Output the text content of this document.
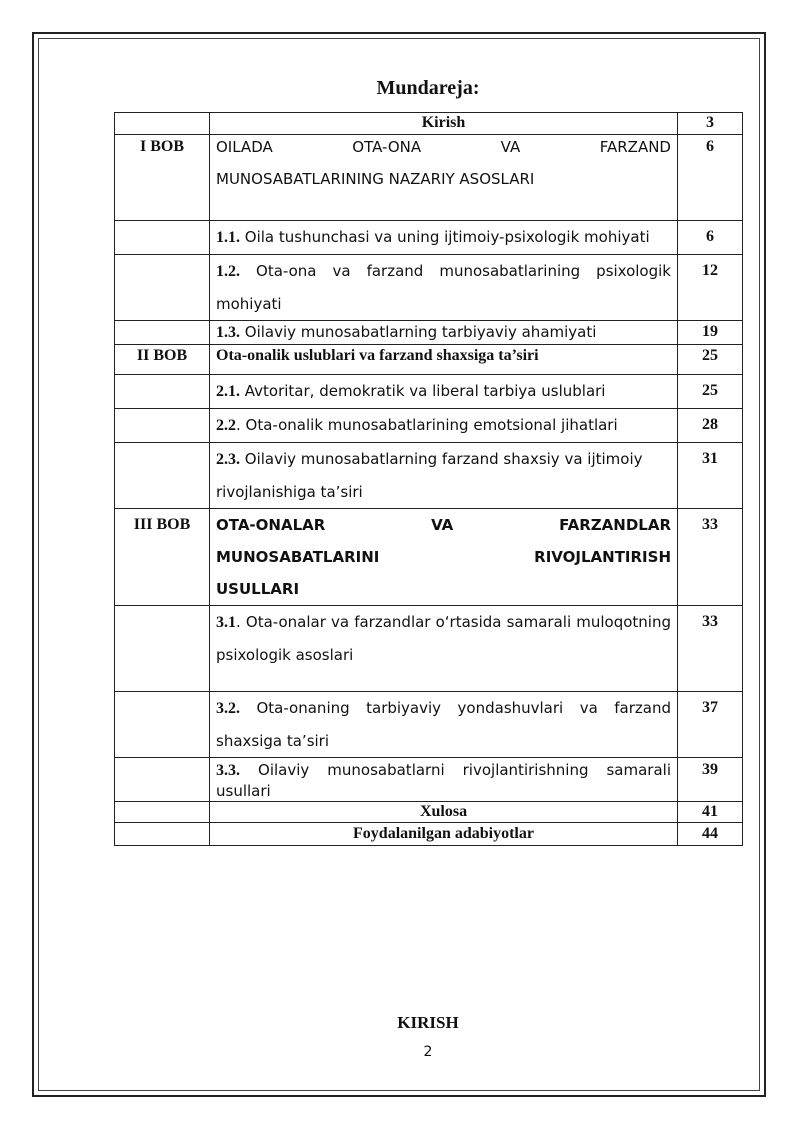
Mundareja:
	Kirish	3
I BOB	OILADA OTA-ONA VA FARZAND
MUNOSABATLARINING NAZARIY ASOSLARI	6
	1.1. Oila tushunchasi va uning ijtimoiy-psixologik mohiyati	6

	1.2. Ota-ona va farzand munosabatlarining psixologik
mohiyati	12
	1.3. Oilaviy munosabatlarning tarbiyaviy ahamiyati	19
II BOB	Ota-onalik uslublari va farzand shaxsiga ta’siri	25
	2.1. Avtoritar, demokratik va liberal tarbiya uslublari	25
	2.2. Ota-onalik munosabatlarining emotsional jihatlari	28

	2.3. Oilaviy munosabatlarning farzand shaxsiy va ijtimoiy
rivojlanishiga ta’siri	31
III BOB	OTA-ONALAR VA FARZANDLAR
MUNOSABATLARINI RIVOJLANTIRISH
USULLARI	33

	3.1. Ota-onalar va farzandlar o‘rtasida samarali muloqotning
psixologik asoslari	33

	3.2. Ota-onaning tarbiyaviy yondashuvlari va farzand
shaxsiga ta’siri	37

	3.3. Oilaviy munosabatlarni rivojlantirishning samarali
usullari	39
	Xulosa	41
	Foydalanilgan adabiyotlar	44
KIRISH
2
